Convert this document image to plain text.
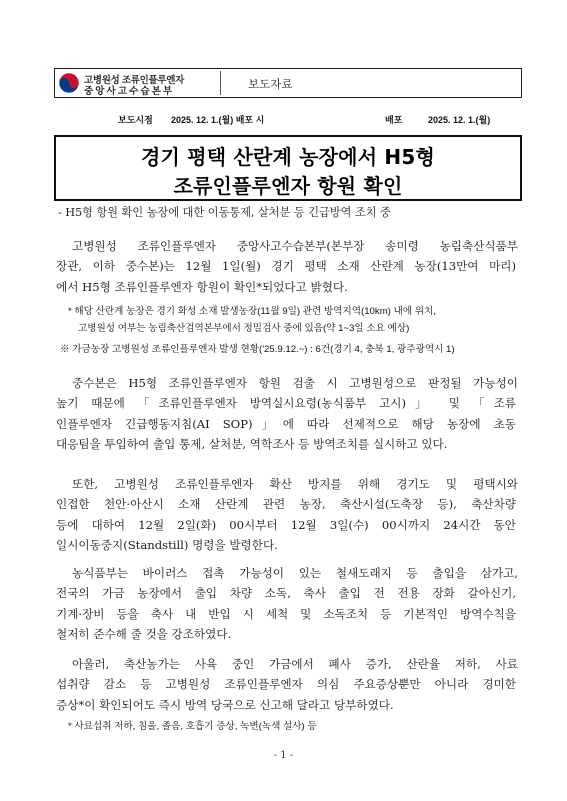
고병원성 조류인플루엔자
중앙사고수습본부
보도자료
보도시점 2025. 12. 1.(월) 배포 시	배포	2025. 12. 1.(월)
경기 평택 산란계 농장에서 H5형
조류인플루엔자 항원 확인
- H5형 항원 확인 농장에 대한 이동통제, 살처분 등 긴급방역 조치 중
고병원성 조류인플루엔자 중앙사고수습본부(본부장 송미령 농림축산식품부
장관, 이하 중수본)는 12월 1일(월) 경기 평택 소재 산란계 농장(13만여 마리)
에서 H5형 조류인플루엔자 항원이 확인*되었다고 밝혔다.
* 해당 산란계 농장은 경기 화성 소재 발생농장(11월 9일) 관련 방역지역(10km) 내에 위치,
고병원성 여부는 농림축산검역본부에서 정밀검사 중에 있음(약 1~3일 소요 예상)
※ 가금농장 고병원성 조류인플루엔자 발생 현황('25.9.12.~) : 6건(경기 4, 충북 1, 광주광역시 1)
중수본은 H5형 조류인플루엔자 항원 검출 시 고병원성으로 판정될 가능성이
높기 때문에 「조류인플루엔자 방역실시요령(농식품부 고시)」 및 「조류
인플루엔자 긴급행동지침(AI SOP)」에 따라 선제적으로 해당 농장에 초동
대응팀을 투입하여 출입 통제, 살처분, 역학조사 등 방역조치를 실시하고 있다.
또한, 고병원성 조류인플루엔자 확산 방지를 위해 경기도 및 평택시와
인접한 천안·아산시 소재 산란계 관련 농장, 축산시설(도축장 등), 축산차량
등에 대하여 12월 2일(화) 00시부터 12월 3일(수) 00시까지 24시간 동안
일시이동중지(Standstill) 명령을 발령한다.
농식품부는 바이러스 접촉 가능성이 있는 철새도래지 등 출입을 삼가고,
전국의 가금 농장에서 출입 차량 소독, 축사 출입 전 전용 장화 갈아신기,
기계·장비 등을 축사 내 반입 시 세척 및 소독조치 등 기본적인 방역수칙을
철저히 준수해 줄 것을 강조하였다.
아울러, 축산농가는 사육 중인 가금에서 폐사 증가, 산란율 저하, 사료
섭취량 감소 등 고병원성 조류인플루엔자 의심 주요증상뿐만 아니라 경미한
증상*이 확인되어도 즉시 방역 당국으로 신고해 달라고 당부하였다.
* 사료섭취 저하, 침울, 졸음, 호흡기 증상, 녹변(녹색 설사) 등
- 1 -
